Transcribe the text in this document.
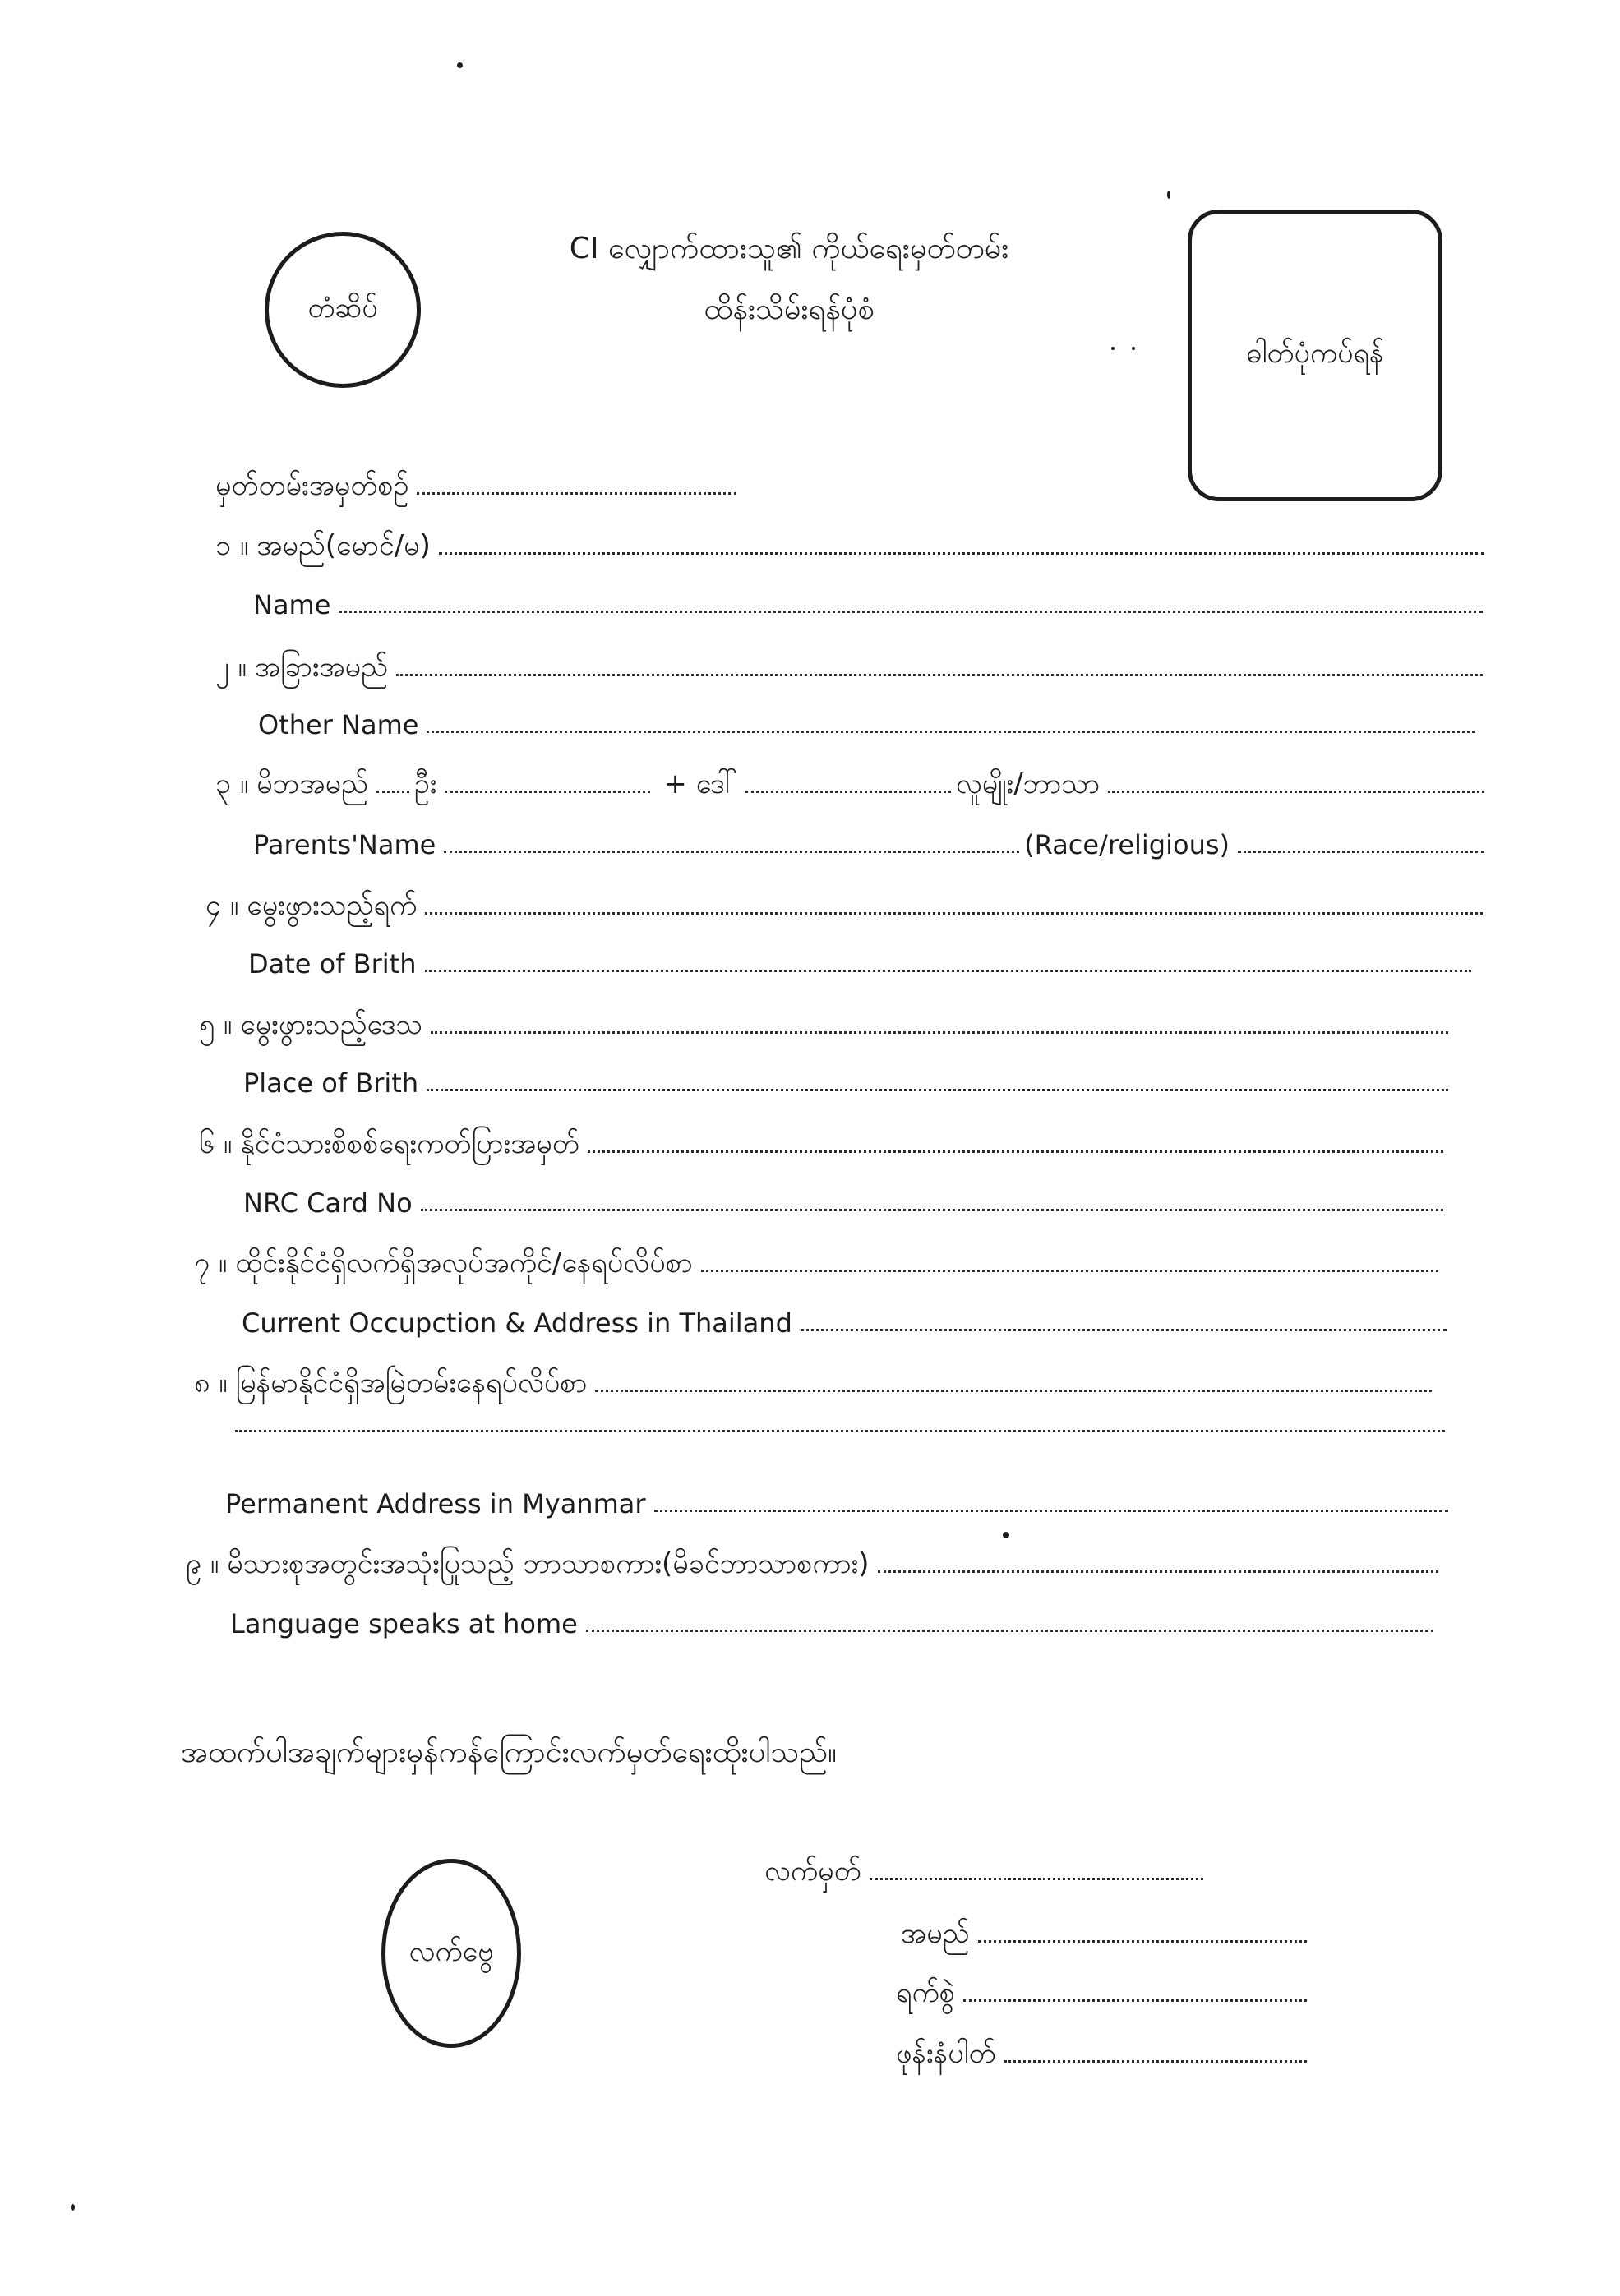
တံဆိပ်
CI လျှောက်ထားသူ၏ ကိုယ်ရေးမှတ်တမ်း
ထိန်းသိမ်းရန်ပုံစံ
ဓါတ်ပုံကပ်ရန်
မှတ်တမ်းအမှတ်စဉ်
၁ ။ အမည်(မောင်/မ)
Name
၂ ။ အခြားအမည်
Other Name
၃ ။ မိဘအမည် ဦး	+ ဒေါ်	လူမျိုး/ဘာသာ
Parents'Name	(Race/religious)
၄ ။ မွေးဖွားသည့်ရက်
Date of Brith
၅ ။ မွေးဖွားသည့်ဒေသ
Place of Brith
၆ ။ နိုင်ငံသားစိစစ်ရေးကတ်ပြားအမှတ်
NRC Card No
၇ ။ ထိုင်းနိုင်ငံရှိလက်ရှိအလုပ်အကိုင်/နေရပ်လိပ်စာ
Current Occupction & Address in Thailand
၈ ။ မြန်မာနိုင်ငံရှိအမြဲတမ်းနေရပ်လိပ်စာ
Permanent Address in Myanmar
၉ ။ မိသားစုအတွင်းအသုံးပြုသည့် ဘာသာစကား(မိခင်ဘာသာစကား)
Language speaks at home
အထက်ပါအချက်များမှန်ကန်ကြောင်းလက်မှတ်ရေးထိုးပါသည်။
လက်ဗွေ
လက်မှတ်
အမည်
ရက်စွဲ
ဖုန်းနံပါတ်
